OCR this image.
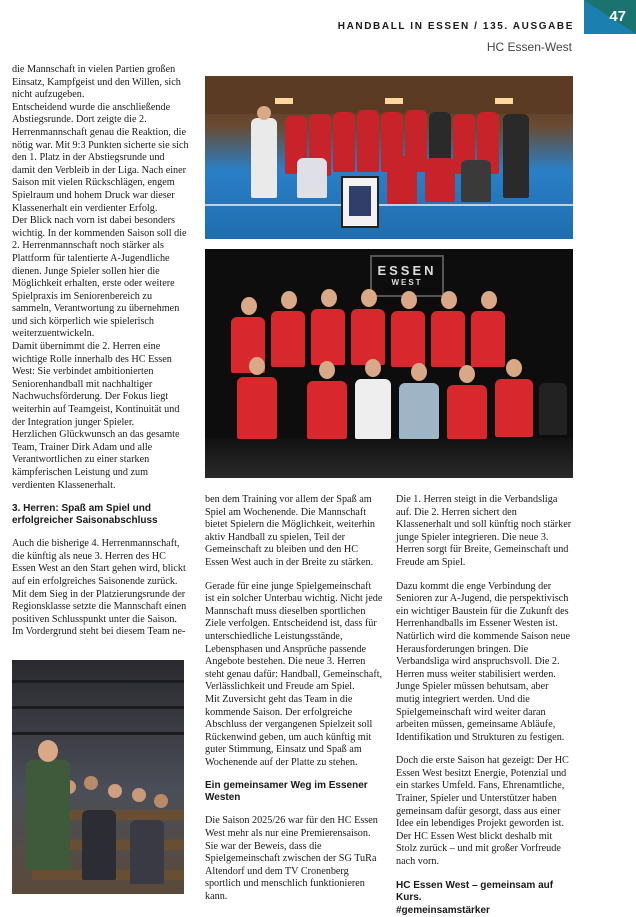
47
HANDBALL IN ESSEN / 135. AUSGABE
HC Essen-West

die Mannschaft in vielen Partien großen Einsatz, Kampfgeist und den Willen, sich nicht aufzugeben.

Entscheidend wurde die anschließende Abstiegsrunde. Dort zeigte die 2. Herrenmannschaft genau die Reaktion, die nötig war. Mit 9:3 Punkten sicherte sie sich den 1. Platz in der Abstiegsrunde und damit den Verbleib in der Liga. Nach einer Saison mit vielen Rückschlägen, engem Spielraum und hohem Druck war dieser Klassenerhalt ein verdienter Erfolg.

Der Blick nach vorn ist dabei besonders wichtig. In der kommenden Saison soll die 2. Herrenmannschaft noch stärker als Plattform für talentierte A-Jugendliche dienen. Junge Spieler sollen hier die Möglichkeit erhalten, erste oder weitere Spielpraxis im Seniorenbereich zu sammeln, Verantwortung zu übernehmen und sich körperlich wie spielerisch weiterzuentwickeln.

Damit übernimmt die 2. Herren eine wichtige Rolle innerhalb des HC Essen West: Sie verbindet ambitionierten Seniorenhandball mit nachhaltiger Nachwuchsförderung. Der Fokus liegt weiterhin auf Teamgeist, Kontinuität und der Integration junger Spieler.

Herzlichen Glückwunsch an das gesamte Team, Trainer Dirk Adam und alle Verantwortlichen zu einer starken kämpferischen Leistung und zum verdienten Klassenerhalt.

3. Herren: Spaß am Spiel und erfolgreicher Saisonabschluss

Auch die bisherige 4. Herrenmannschaft, die künftig als neue 3. Herren des HC Essen West an den Start gehen wird, blickt auf ein erfolgreiches Saisonende zurück. Mit dem Sieg in der Platzierungsrunde der Regionsklasse setzte die Mannschaft einen positiven Schlusspunkt unter die Saison.

Im Vordergrund steht bei diesem Team ne-

ESSEN
WEST

ben dem Training vor allem der Spaß am Spiel am Wochenende. Die Mannschaft bietet Spielern die Möglichkeit, weiterhin aktiv Handball zu spielen, Teil der Gemeinschaft zu bleiben und den HC Essen West auch in der Breite zu stärken.

Gerade für eine junge Spielgemeinschaft ist ein solcher Unterbau wichtig. Nicht jede Mannschaft muss dieselben sportlichen Ziele verfolgen. Entscheidend ist, dass für unterschiedliche Leistungsstände, Lebensphasen und Ansprüche passende Angebote bestehen. Die neue 3. Herren steht genau dafür: Handball, Gemeinschaft, Verlässlichkeit und Freude am Spiel.

Mit Zuversicht geht das Team in die kommende Saison. Der erfolgreiche Abschluss der vergangenen Spielzeit soll Rückenwind geben, um auch künftig mit guter Stimmung, Einsatz und Spaß am Wochenende auf der Platte zu stehen.

Ein gemeinsamer Weg im Essener Westen

Die Saison 2025/26 war für den HC Essen West mehr als nur eine Premierensaison. Sie war der Beweis, dass die Spielgemeinschaft zwischen der SG TuRa Altendorf und dem TV Cronenberg sportlich und menschlich funktionieren kann.

Die 1. Herren steigt in die Verbandsliga auf. Die 2. Herren sichert den Klassenerhalt und soll künftig noch stärker junge Spieler integrieren. Die neue 3. Herren sorgt für Breite, Gemeinschaft und Freude am Spiel.

Dazu kommt die enge Verbindung der Senioren zur A-Jugend, die perspektivisch ein wichtiger Baustein für die Zukunft des Herrenhandballs im Essener Westen ist.

Natürlich wird die kommende Saison neue Herausforderungen bringen. Die Verbandsliga wird anspruchsvoll. Die 2. Herren muss weiter stabilisiert werden. Junge Spieler müssen behutsam, aber mutig integriert werden. Und die Spielgemeinschaft wird weiter daran arbeiten müssen, gemeinsame Abläufe, Identifikation und Strukturen zu festigen.

Doch die erste Saison hat gezeigt: Der HC Essen West besitzt Energie, Potenzial und ein starkes Umfeld. Fans, Ehrenamtliche, Trainer, Spieler und Unterstützer haben gemeinsam dafür gesorgt, dass aus einer Idee ein lebendiges Projekt geworden ist.

Der HC Essen West blickt deshalb mit Stolz zurück – und mit großer Vorfreude nach vorn.

HC Essen West – gemeinsam auf Kurs.

#gemeinsamstärker
